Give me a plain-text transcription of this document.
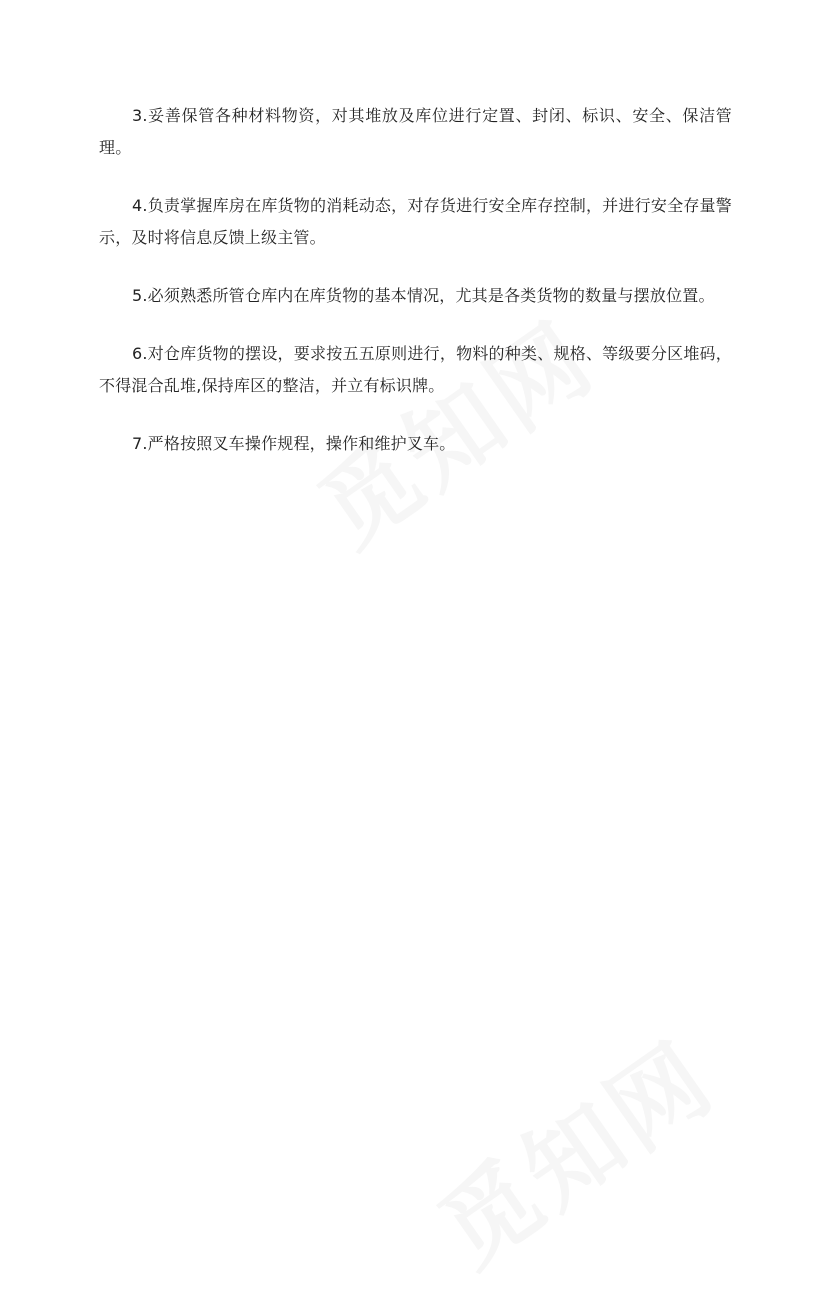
3.妥善保管各种材料物资，对其堆放及库位进行定置、封闭、标识、安全、保洁管理。

4.负责掌握库房在库货物的消耗动态，对存货进行安全库存控制，并进行安全存量警示，及时将信息反馈上级主管。

5.必须熟悉所管仓库内在库货物的基本情况，尤其是各类货物的数量与摆放位置。

6.对仓库货物的摆设，要求按五五原则进行，物料的种类、规格、等级要分区堆码，不得混合乱堆,保持库区的整洁，并立有标识牌。

7.严格按照叉车操作规程，操作和维护叉车。
